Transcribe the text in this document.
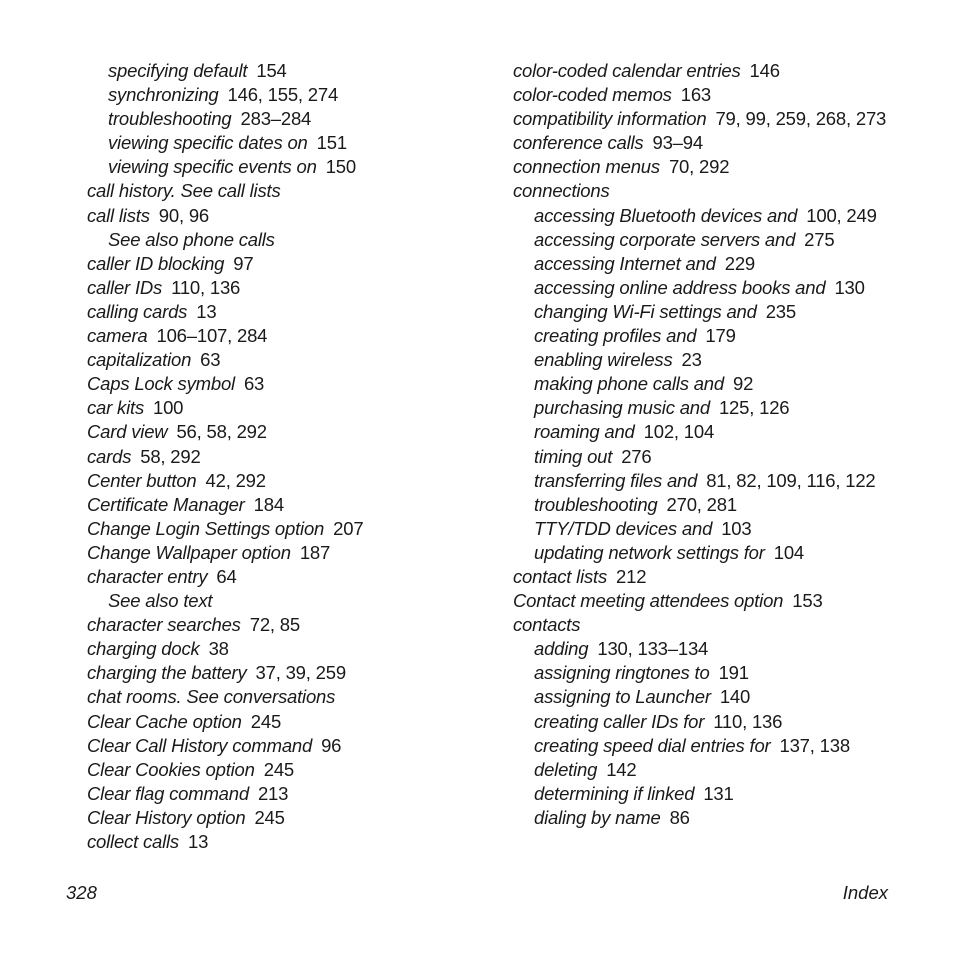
specifying default 154
synchronizing 146, 155, 274
troubleshooting 283–284
viewing specific dates on 151
viewing specific events on 150
call history. See call lists
call lists 90, 96
See also phone calls
caller ID blocking 97
caller IDs 110, 136
calling cards 13
camera 106–107, 284
capitalization 63
Caps Lock symbol 63
car kits 100
Card view 56, 58, 292
cards 58, 292
Center button 42, 292
Certificate Manager 184
Change Login Settings option 207
Change Wallpaper option 187
character entry 64
See also text
character searches 72, 85
charging dock 38
charging the battery 37, 39, 259
chat rooms. See conversations
Clear Cache option 245
Clear Call History command 96
Clear Cookies option 245
Clear flag command 213
Clear History option 245
collect calls 13
color-coded calendar entries 146
color-coded memos 163
compatibility information 79, 99, 259, 268, 273
conference calls 93–94
connection menus 70, 292
connections
accessing Bluetooth devices and 100, 249
accessing corporate servers and 275
accessing Internet and 229
accessing online address books and 130
changing Wi-Fi settings and 235
creating profiles and 179
enabling wireless 23
making phone calls and 92
purchasing music and 125, 126
roaming and 102, 104
timing out 276
transferring files and 81, 82, 109, 116, 122
troubleshooting 270, 281
TTY/TDD devices and 103
updating network settings for 104
contact lists 212
Contact meeting attendees option 153
contacts
adding 130, 133–134
assigning ringtones to 191
assigning to Launcher 140
creating caller IDs for 110, 136
creating speed dial entries for 137, 138
deleting 142
determining if linked 131
dialing by name 86
328	Index
